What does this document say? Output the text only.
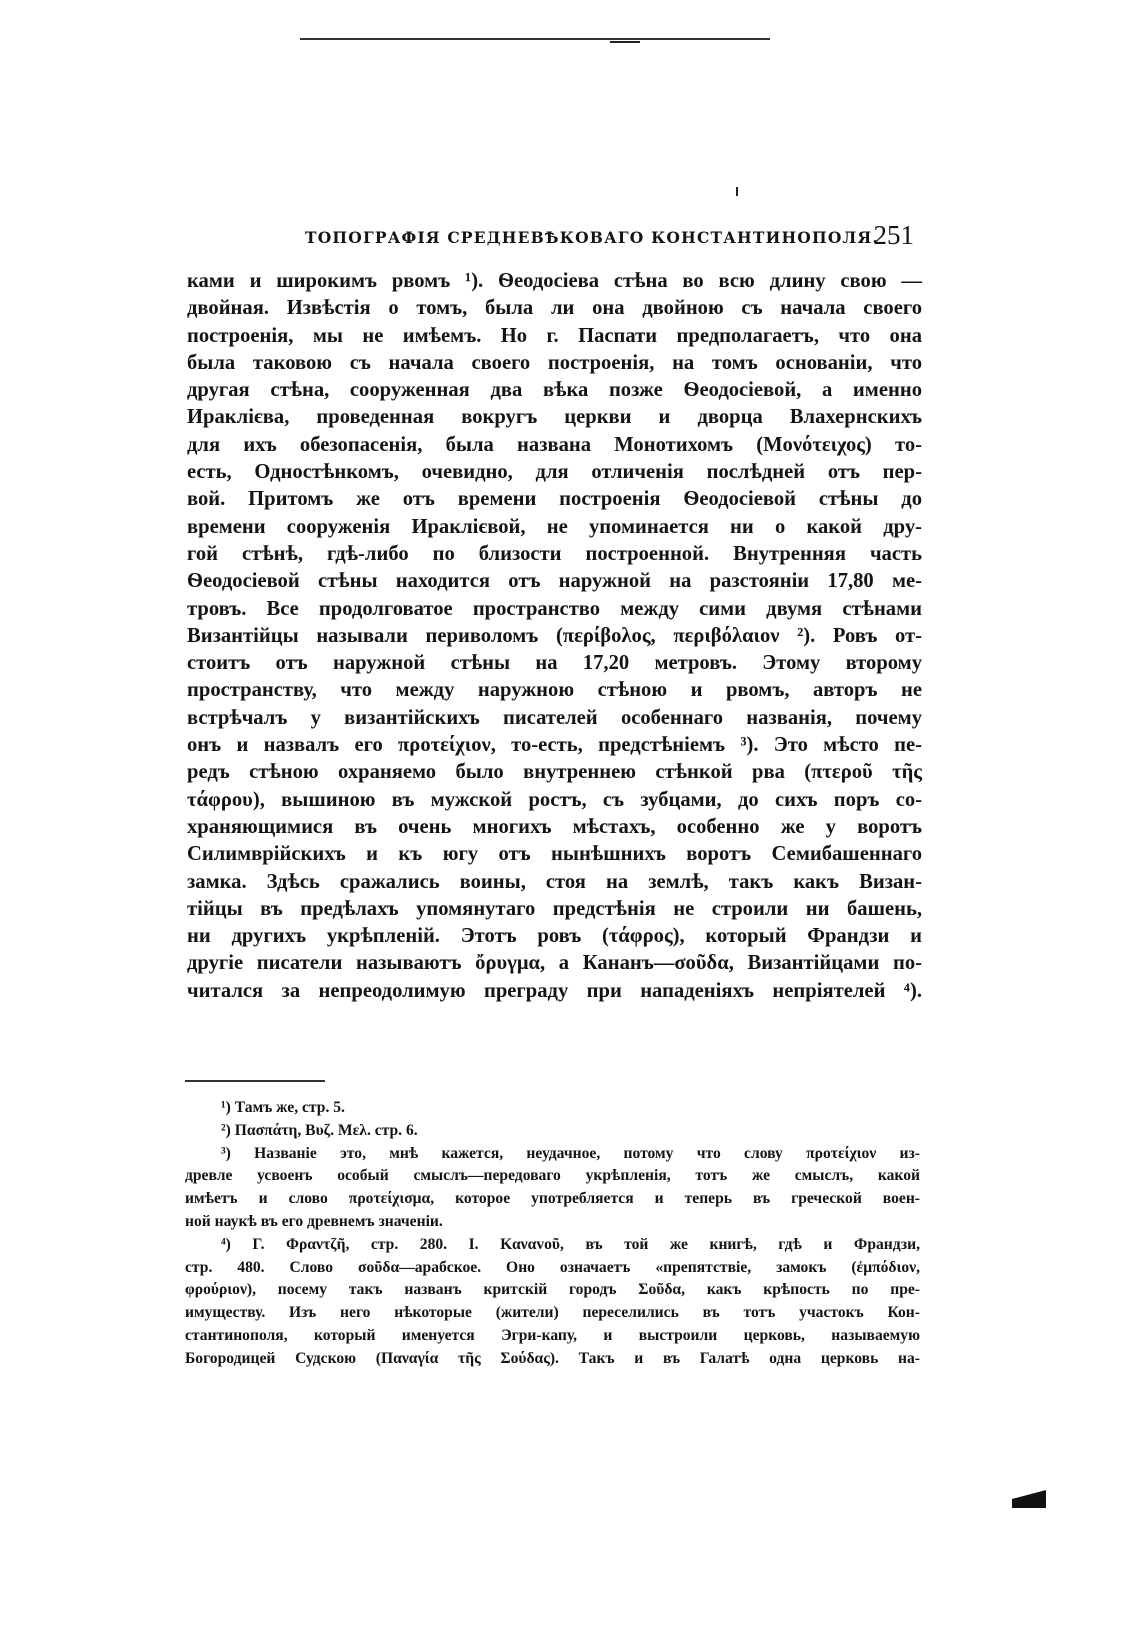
ТОПОГРАФІЯ СРЕДНЕВѢКОВАГО КОНСТАНТИНОПОЛЯ.
251
ками и широкимъ рвомъ ¹). Ѳеодосіева стѣна во всю длину свою —
двойная. Извѣстія о томъ, была ли она двойною съ начала своего
построенія, мы не имѣемъ. Но г. Паспати предполагаетъ, что она
была таковою съ начала своего построенія, на томъ основаніи, что
другая стѣна, сооруженная два вѣка позже Ѳеодосіевой, а именно
Ираклієва, проведенная вокругъ церкви и дворца Влахернскихъ
для ихъ обезопасенія, была названа Монотихомъ (Μονότειχος) то-
есть, Одностѣнкомъ, очевидно, для отличенія послѣдней отъ пер-
вой. Притомъ же отъ времени построенія Ѳеодосіевой стѣны до
времени сооруженія Ираклієвой, не упоминается ни о какой дру-
гой стѣнѣ, гдѣ-либо по близости построенной. Внутренняя часть
Ѳеодосіевой стѣны находится отъ наружной на разстояніи 17,80 ме-
тровъ. Все продолговатое пространство между сими двумя стѣнами
Византійцы называли периволомъ (περίβολος, περιβόλαιον ²). Ровъ от-
стоитъ отъ наружной стѣны на 17,20 метровъ. Этому второму
пространству, что между наружною стѣною и рвомъ, авторъ не
встрѣчалъ у византійскихъ писателей особеннаго названія, почему
онъ и назвалъ его προτείχιον, то-есть, предстѣніемъ ³). Это мѣсто пе-
редъ стѣною охраняемо было внутреннею стѣнкой рва (πτεροῦ τῆς
τάφρου), вышиною въ мужской ростъ, съ зубцами, до сихъ поръ со-
храняющимися въ очень многихъ мѣстахъ, особенно же у воротъ
Силимврійскихъ и къ югу отъ нынѣшнихъ воротъ Семибашеннаго
замка. Здѣсь сражались воины, стоя на землѣ, такъ какъ Визан-
тійцы въ предѣлахъ упомянутаго предстѣнія не строили ни башень,
ни другихъ укрѣпленій. Этотъ ровъ (τάφρος), который Франдзи и
другіе писатели называютъ ὄρυγμα, а Кананъ—σοῦδα, Византійцами по-
читался за непреодолимую преграду при нападеніяхъ непріятелей ⁴).
¹) Тамъ же, стр. 5.
²) Πασπάτη, Βυζ. Μελ. стр. 6.
³) Названіе это, мнѣ кажется, неудачное, потому что слову προτείχιον из-
древле усвоенъ особый смыслъ—передоваго укрѣпленія, тотъ же смыслъ, какой
имѣетъ и слово προτείχισμα, которое употребляется и теперь въ греческой воен-
ной наукѣ въ его древнемъ значеніи.
⁴) Г. Φραντζῆ, стр. 280. I. Καναvοῦ, въ той же книгѣ, гдѣ и Франдзи,
стр. 480. Слово σοῦδα—арабское. Оно означаетъ «препятствіе, замокъ (ἐμπόδιον,
φρούριον), посему такъ названъ критскій городъ Σοῦδα, какъ крѣпость по пре-
имуществу. Изъ него нѣкоторые (жители) переселились въ тотъ участокъ Кон-
стантинополя, который именуется Эгри-капу, и выстроили церковь, называемую
Богородицей Судскою (Παναγία τῆς Σούδας). Такъ и въ Галатѣ одна церковь на-
